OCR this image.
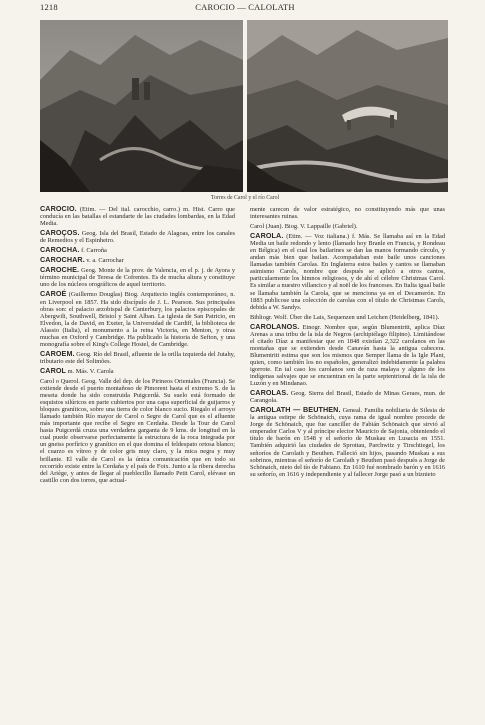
1218	CAROCIO — CALOLATH
Torres de Carol y el río Carol
CAROCIO. (Etim. — Del ital. carocchio, carro.) m. Hist. Carro que conducía en las batallas el estandarte de las ciudades lombardas, en la Edad Media.
CAROÇOS. Geog. Isla del Brasil, Estado de Alagoas, entre los canales de Remedios y el Espinheiro.
CAROCHA. f. Carroña
CAROCHAR. v. a. Carrochar
CAROCHE. Geog. Monte de la prov. de Valencia, en el p. j. de Ayora y término municipal de Teresa de Cofrentes. Es de mucha altura y constituye uno de los núcleos orográficos de aquel territorio.
CAROÉ (Guillermo Douglas) Biog. Arquitecto inglés contemporáneo, n. en Liverpool en 1857. Ha sido discípulo de J. L. Pearson. Sus principales obras son: el palacio arzobispal de Canterbury, los palacios episcopales de Abergwili, Southwell, Bristol y Saint Alban. La iglesia de San Patricio, en Elvedon, la de David, en Exeter, la Universidad de Cardiff, la biblioteca de Alassio (Italia), el monumento a la reina Victoria, en Menton, y otras muchas en Oxford y Cambridge. Ha publicado la historia de Sefton, y una monografía sobre el King's College Hostel, de Cambridge.
CAROEM. Geog. Río del Brasil, afluente de la orilla izquierda del Jutahy, tributario este del Solimões.
CAROL m. Más. V. Carola
Carol o Querol. Geog. Valle del dep. de los Pirineos Orientales (Francia). Se extiende desde el puerto montañoso de Pimorent hasta el extremo S. de la meseta donde ha sido construida Puigcerdá. Su suelo está formado de esquistos silúricos en parte cubiertos por una capa superficial de guijarros y bloques graníticos, sobre una tierra de color blanco sucio. Riegalo el arroyo llamado también Río mayor de Carol o Segre de Carol que es el afluente más importante que recibe el Segre en Cerdaña. Desde la Tour de Carol hasta Puigcerdá cruza una verdadera garganta de 9 kms. de longitud en la cual puede observarse perfectamente la estructura de la roca integrada por un gneiss porfírico y granítico en el que domina el feldespato ortosa blanco; el cuarzo es vítreo y de color gris muy claro, y la mica negra y muy brillante. El valle de Carol es la única comunicación que en todo su recorrido existe entre la Cerdaña y el país de Foix. Junto a la ribera derecha del Ariège, y antes de llegar al pueblecillo llamado Petit Carol, elévase un castillo con dos torres, que actual-
mente carecen de valor estratégico, no constituyendo más que unas interesantes ruinas.
Carol (Juan). Biog. V. Lappaille (Gabriel).
CAROLA. (Etim. — Voz italiana.) f. Más. Se llamaba así en la Edad Media un baile redondo y lento (llamado hoy Branle en Francia, y Rondeau en Bélgica) en el cual los bailarines se dan las manos formando círculo, y andan más bien que bailan. Acompañaban este baile unos canciones llamadas también Carolas. En Inglaterra estos bailes y cantos se llamaban asimismo Carols, nombre que después se aplicó a otros cantos, particularmente los himnos religiosos, y de ahí el célebre Christmas Carol. Es similar a nuestro villancico y al noël de los franceses. En Italia igual baile se llamaba también la Carola, que se menciona ya en el Decamerón. En 1883 publicose una colección de carolas con el título de Christmas Carols, debida a W. Sandys.
Bibliogr. Wolf. Über die Lais, Sequenzen und Leichen (Heidelberg, 1841).
CAROLANOS. Etnogr. Nombre que, según Blumentritt, aplica Díaz Arenas a una tribu de la isla de Negros (archipiélago filipino). Limitándose el citado Díaz a manifestar que en 1848 existían 2,322 carolanos en las montañas que se extienden desde Canaván hasta la antigua cabecera. Blumentritt estima que son los mismos que Semper llama de la Igle Plant, quien, como también los no españoles, generalizó indebidamente la palabra igorrote. En tal caso los carolanos son de raza malaya y alguno de los indígenas salvajes que se encuentran en la parte septentrional de la isla de Luzón y en Mindanao.
CAROLAS. Geog. Sierra del Brasil, Estado de Minas Geraes, mun. de Carangola.
CAROLATH — BEUTHEN. Geneal. Familia nobiliaria de Silesia de la antigua estirpe de Schönaich, cuya rama de igual nombre procede de Jorge de Schönaich, que fue canciller de Fabián Schönaich que sirvió al emperador Carlos V y al príncipe elector Mauricio de Sajonia, obteniendo el título de barón en 1548 y el señorío de Muskau en Lusacia en 1551. También adquirió las ciudades de Sprottau, Parchwitz y Tirschtiegel, los señoríos de Carolath y Beuthen. Falleció sin hijos, pasando Muskau a sus sobrinos, mientras el señorío de Carolath y Beuthen pasó después a Jorge de Schönaich, nieto del tío de Fabiano. En 1610 fué nombrado barón y en 1616 su señorío, en 1616 y independiente y al fallecer Jorge pasó a un biznieto
